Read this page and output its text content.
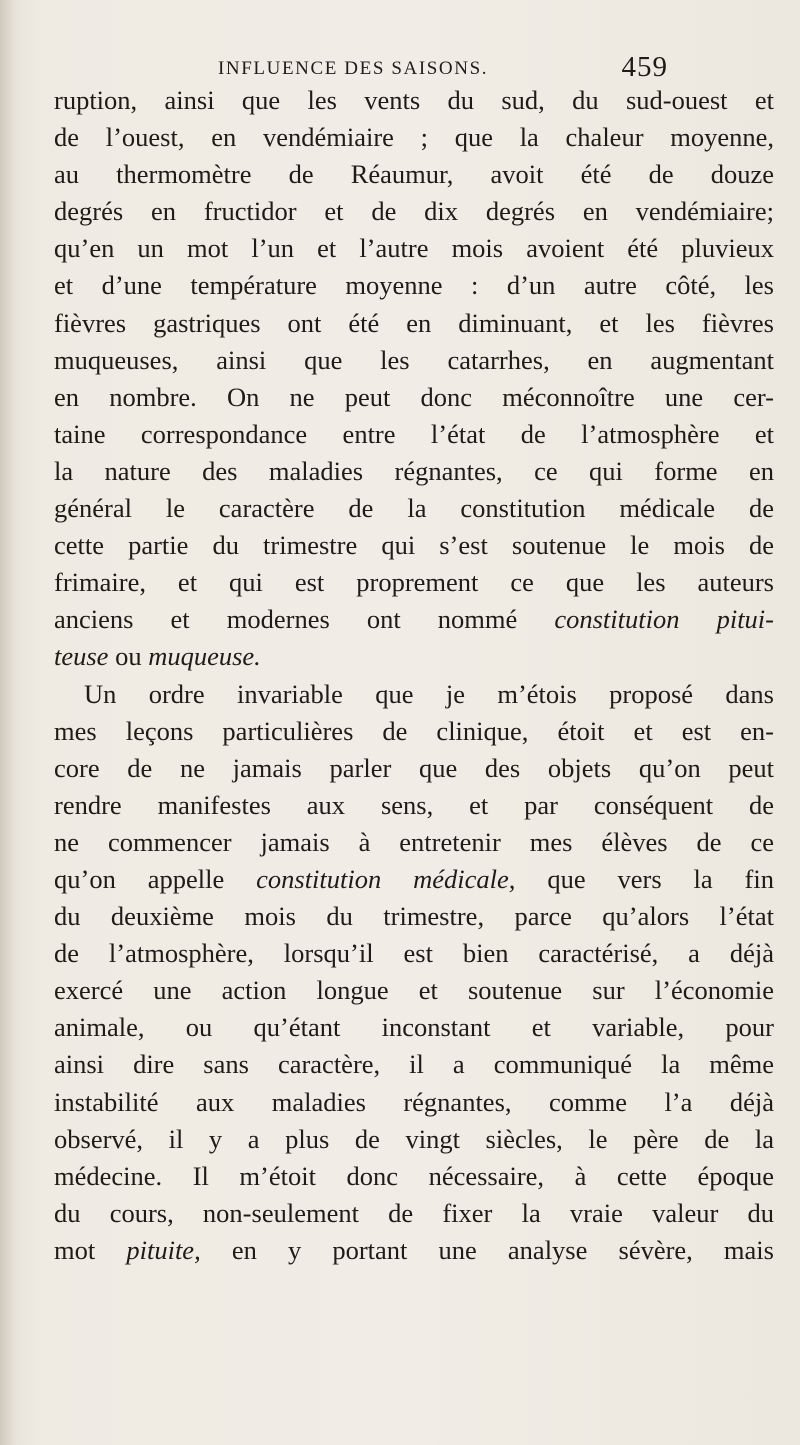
INFLUENCE DES SAISONS.	459
ruption, ainsi que les vents du sud, du sud-ouest et
de l’ouest, en vendémiaire ; que la chaleur moyenne,
au thermomètre de Réaumur, avoit été de douze
degrés en fructidor et de dix degrés en vendémiaire;
qu’en un mot l’un et l’autre mois avoient été pluvieux
et d’une température moyenne : d’un autre côté, les
fièvres gastriques ont été en diminuant, et les fièvres
muqueuses, ainsi que les catarrhes, en augmentant
en nombre. On ne peut donc méconnoître une cer-
taine correspondance entre l’état de l’atmosphère et
la nature des maladies régnantes, ce qui forme en
général le caractère de la constitution médicale de
cette partie du trimestre qui s’est soutenue le mois de
frimaire, et qui est proprement ce que les auteurs
anciens et modernes ont nommé constitution pitui-
teuse ou muqueuse.
Un ordre invariable que je m’étois proposé dans
mes leçons particulières de clinique, étoit et est en-
core de ne jamais parler que des objets qu’on peut
rendre manifestes aux sens, et par conséquent de
ne commencer jamais à entretenir mes élèves de ce
qu’on appelle constitution médicale, que vers la fin
du deuxième mois du trimestre, parce qu’alors l’état
de l’atmosphère, lorsqu’il est bien caractérisé, a déjà
exercé une action longue et soutenue sur l’économie
animale, ou qu’étant inconstant et variable, pour
ainsi dire sans caractère, il a communiqué la même
instabilité aux maladies régnantes, comme l’a déjà
observé, il y a plus de vingt siècles, le père de la
médecine. Il m’étoit donc nécessaire, à cette époque
du cours, non-seulement de fixer la vraie valeur du
mot pituite, en y portant une analyse sévère, mais
